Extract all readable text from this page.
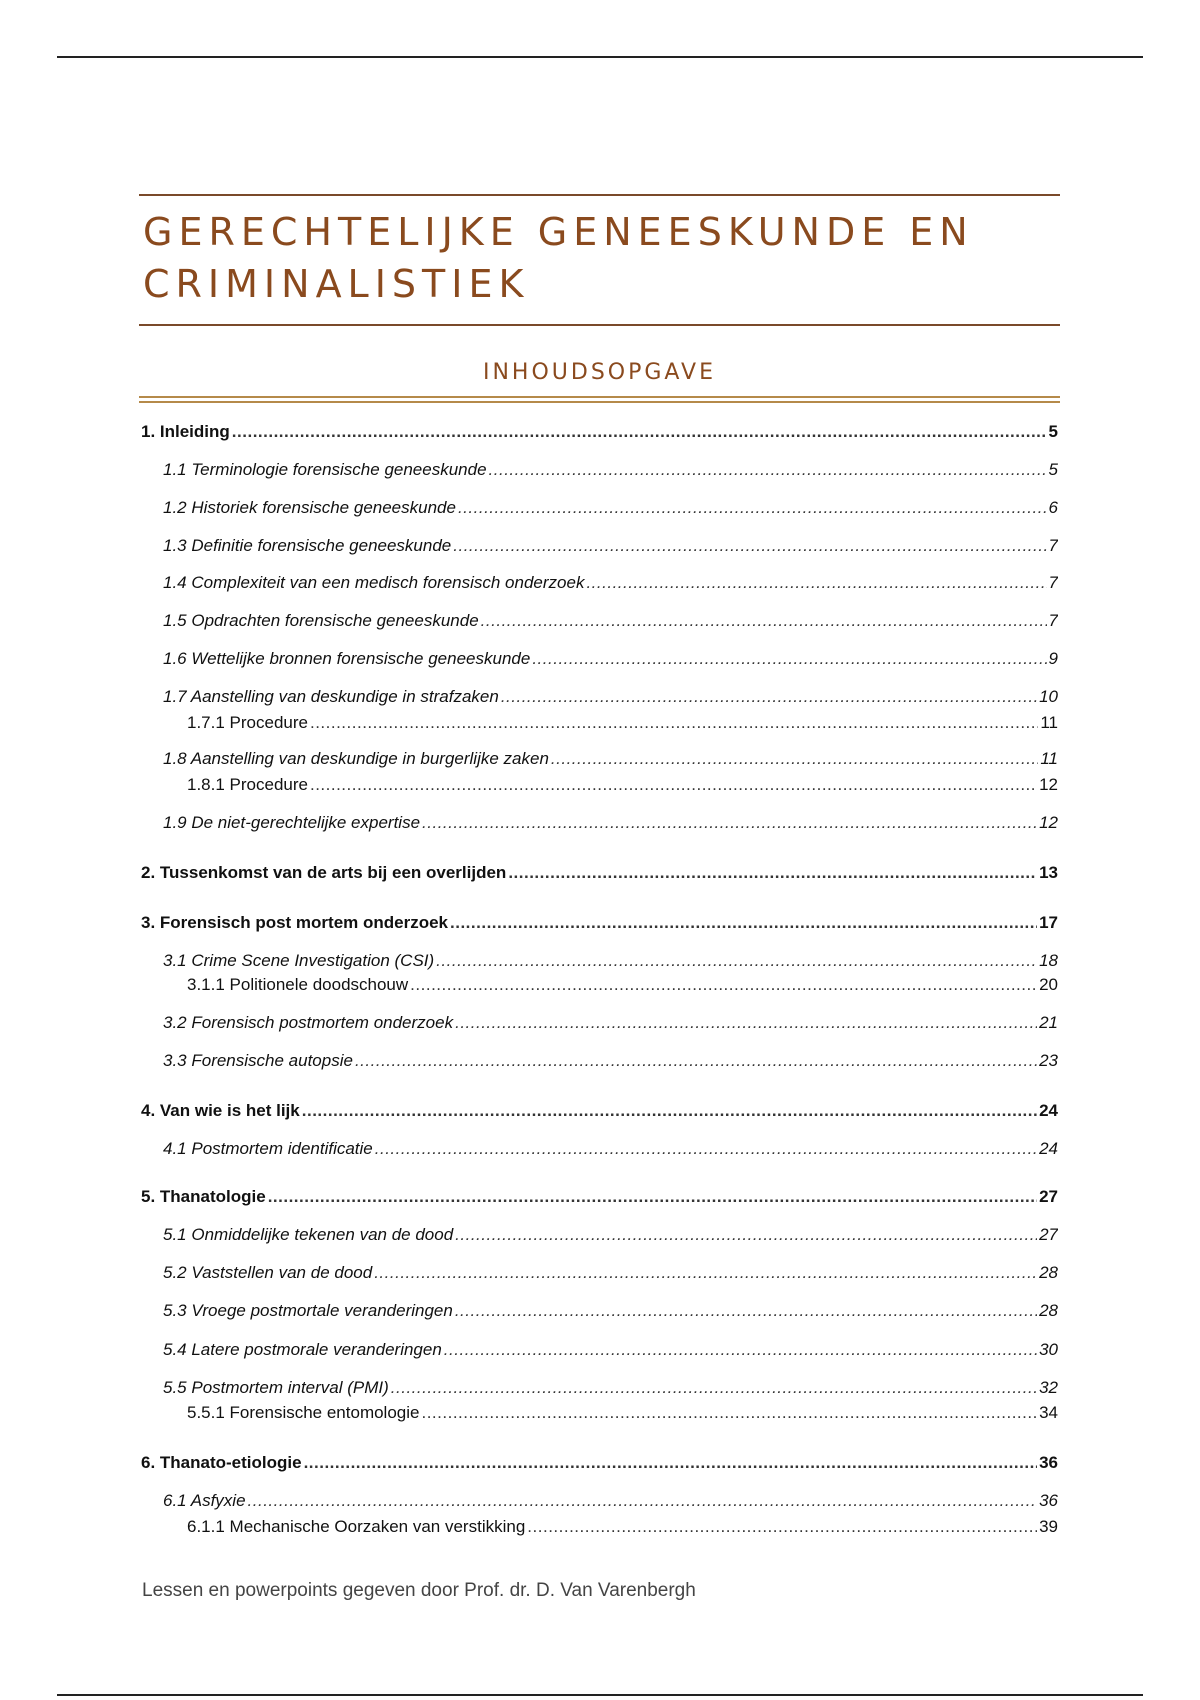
GERECHTELIJKE GENEESKUNDE EN CRIMINALISTIEK
INHOUDSOPGAVE
1. Inleiding .....	5
1.1 Terminologie forensische geneeskunde .....	5
1.2 Historiek forensische geneeskunde .....	6
1.3 Definitie forensische geneeskunde .....	7
1.4 Complexiteit van een medisch forensisch onderzoek .....	7
1.5 Opdrachten forensische geneeskunde .....	7
1.6 Wettelijke bronnen forensische geneeskunde .....	9
1.7 Aanstelling van deskundige in strafzaken .....	10
1.7.1 Procedure .....	11
1.8 Aanstelling van deskundige in burgerlijke zaken .....	11
1.8.1 Procedure .....	12
1.9 De niet-gerechtelijke expertise .....	12
2. Tussenkomst van de arts bij een overlijden .....	13
3. Forensisch post mortem onderzoek .....	17
3.1 Crime Scene Investigation (CSI) .....	18
3.1.1 Politionele doodschouw .....	20
3.2 Forensisch postmortem onderzoek .....	21
3.3 Forensische autopsie .....	23
4. Van wie is het lijk .....	24
4.1 Postmortem identificatie .....	24
5. Thanatologie .....	27
5.1 Onmiddelijke tekenen van de dood .....	27
5.2 Vaststellen van de dood .....	28
5.3 Vroege postmortale veranderingen .....	28
5.4 Latere postmorale veranderingen .....	30
5.5 Postmortem interval (PMI) .....	32
5.5.1 Forensische entomologie .....	34
6. Thanato-etiologie .....	36
6.1 Asfyxie .....	36
6.1.1 Mechanische Oorzaken van verstikking .....	39
Lessen en powerpoints gegeven door Prof. dr. D. Van Varenbergh
